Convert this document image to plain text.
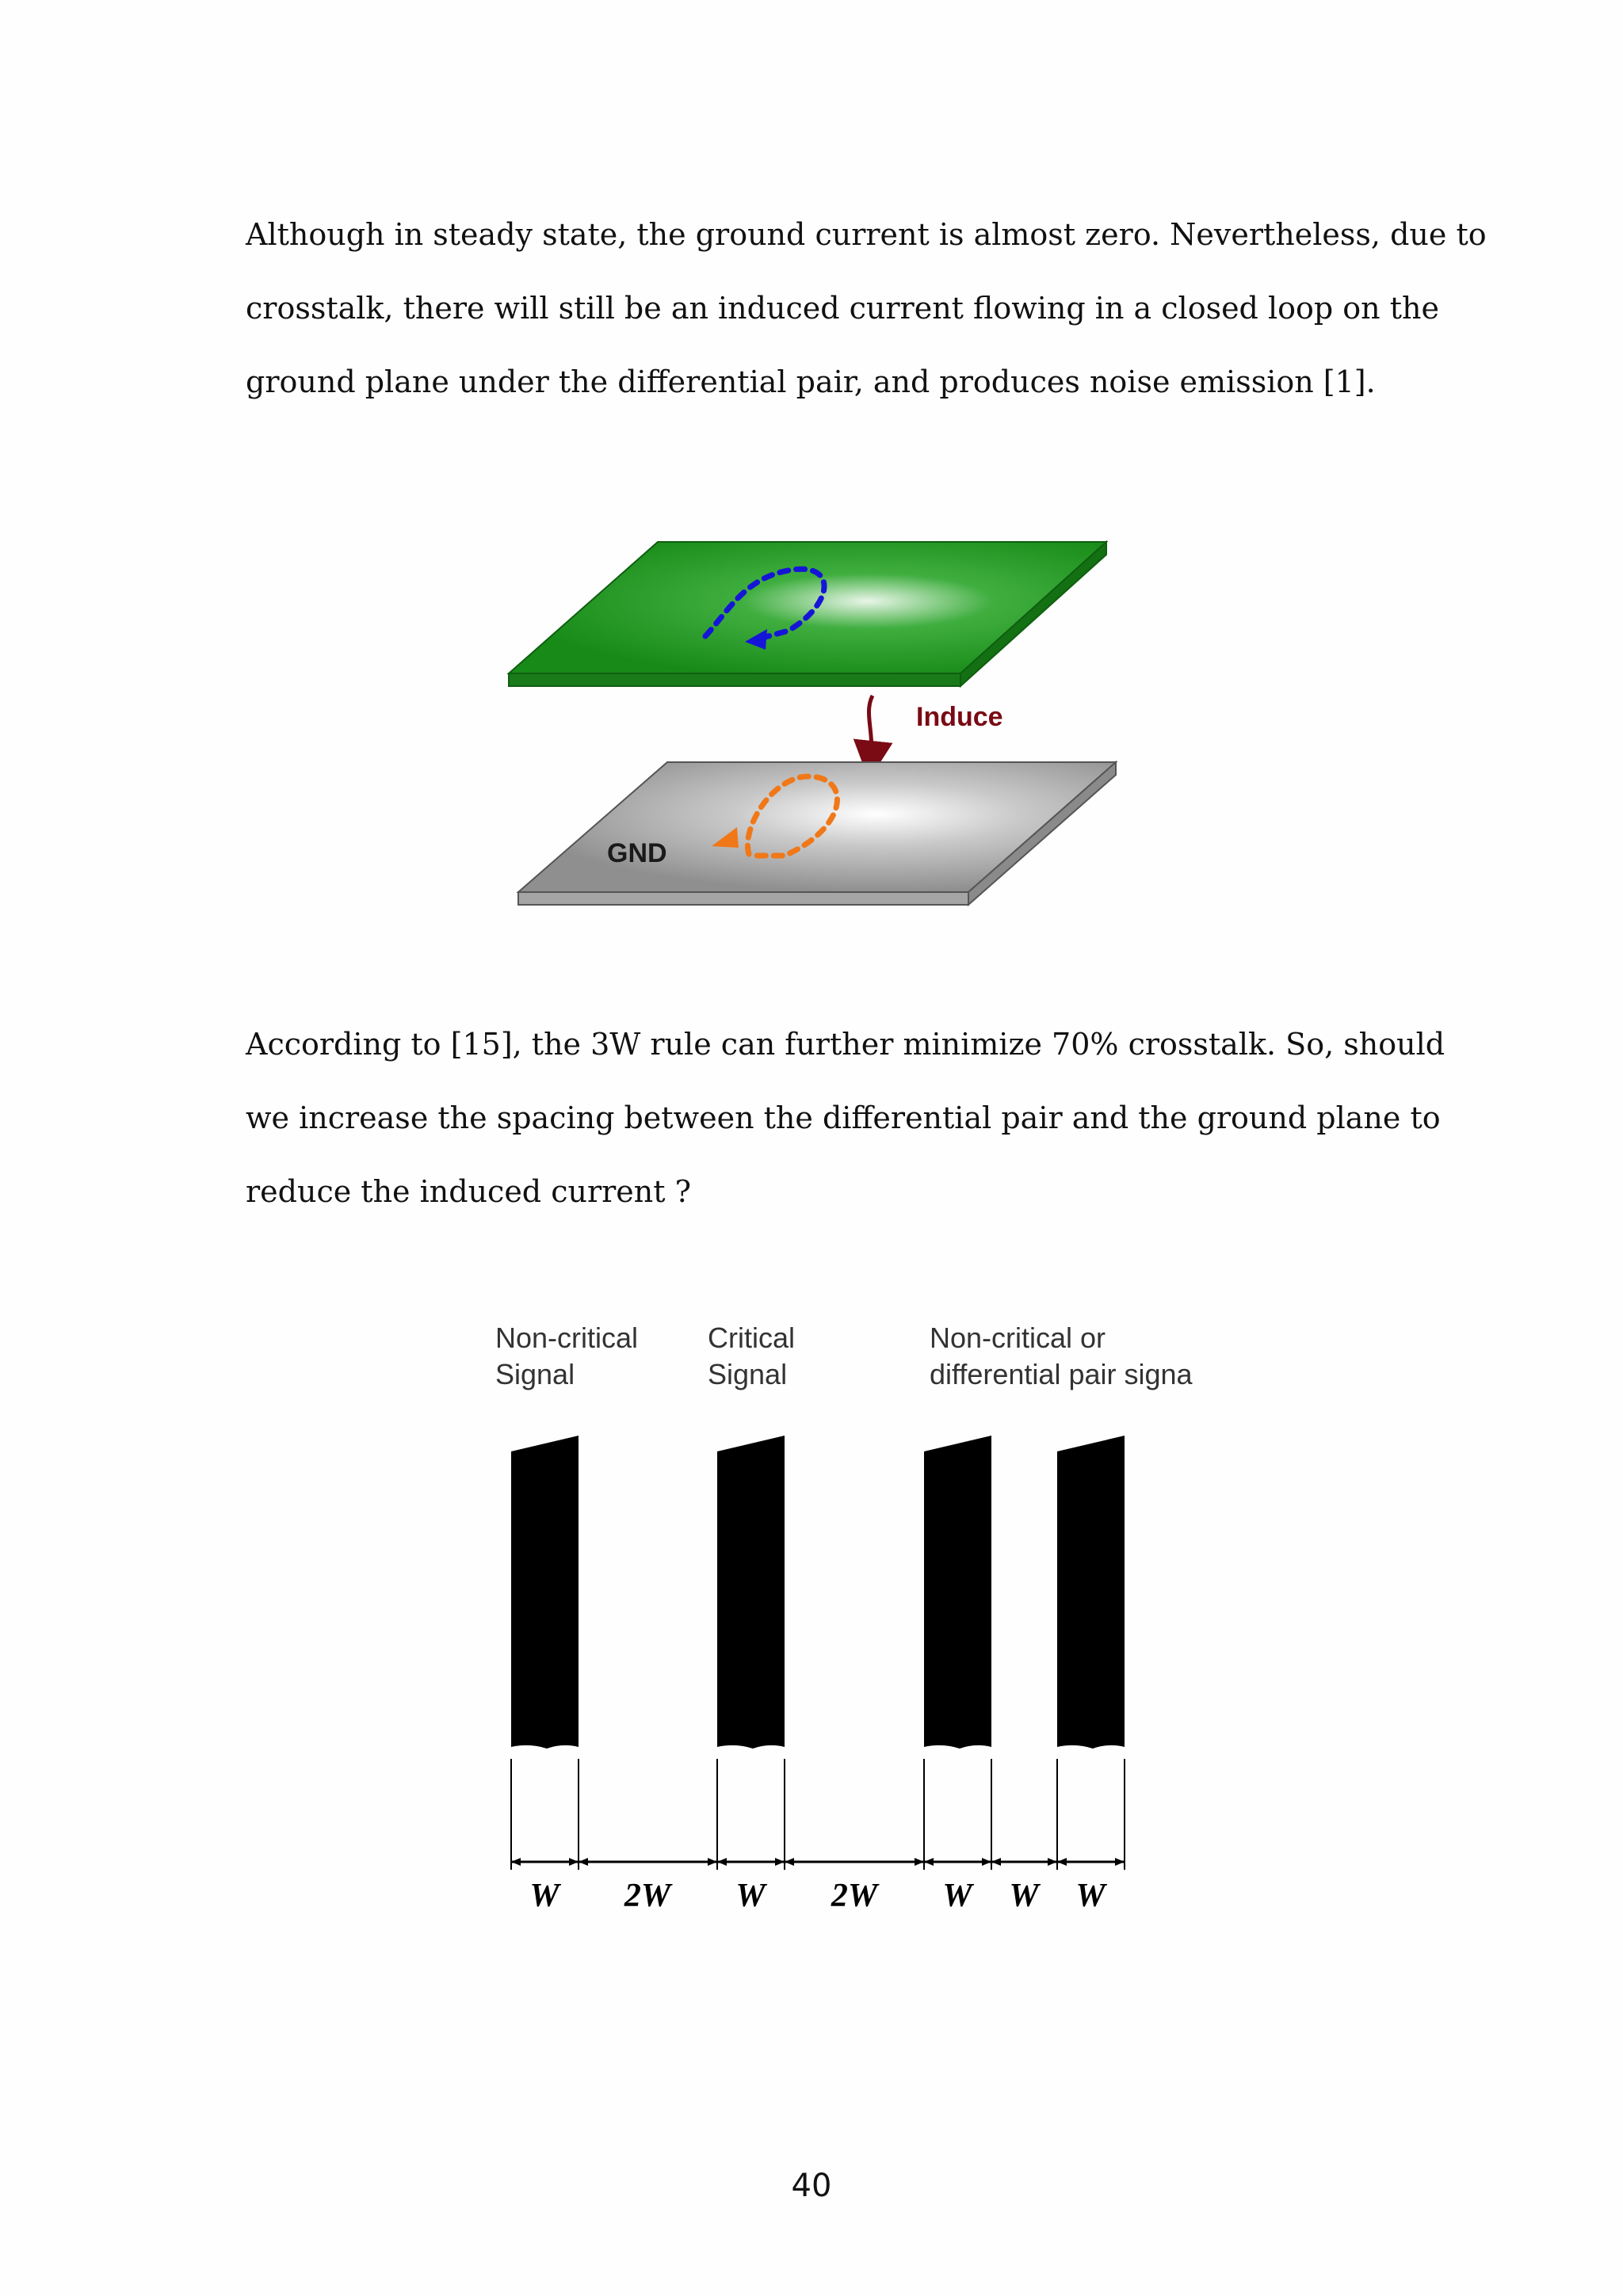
Although in steady state, the ground current is almost zero. Nevertheless, due to
crosstalk, there will still be an induced current flowing in a closed loop on the
ground plane under the differential pair, and produces noise emission [1].

Induce
GND

According to [15], the 3W rule can further minimize 70% crosstalk. So, should
we increase the spacing between the differential pair and the ground plane to
reduce the induced current ?

Non-critical Signal
Critical Signal
Non-critical or differential pair signa
W 2W W 2W W W W
40
